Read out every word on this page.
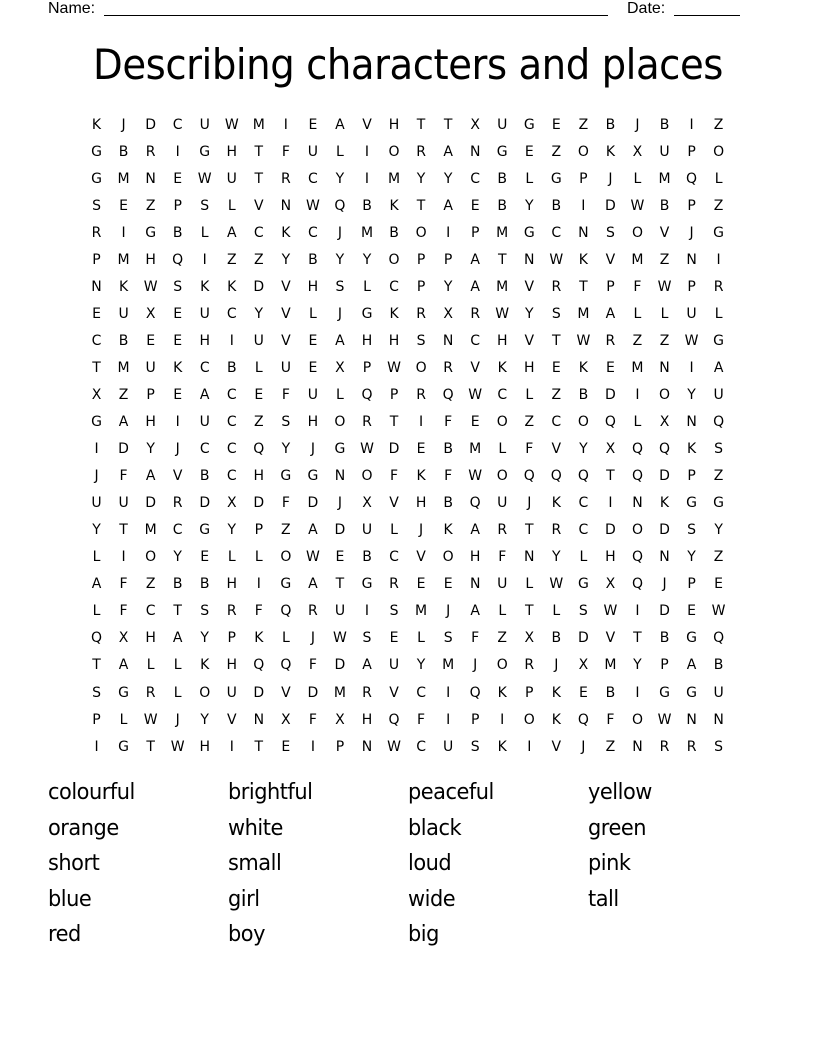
Name:	Date:
Describing characters and places
K	J	D	C	U	W	M	I	E	A	V	H	T	T	X	U	G	E	Z	B	J	B	I	Z
G	B	R	I	G	H	T	F	U	L	I	O	R	A	N	G	E	Z	O	K	X	U	P	O
G	M	N	E	W	U	T	R	C	Y	I	M	Y	Y	C	B	L	G	P	J	L	M	Q	L
S	E	Z	P	S	L	V	N	W	Q	B	K	T	A	E	B	Y	B	I	D	W	B	P	Z
R	I	G	B	L	A	C	K	C	J	M	B	O	I	P	M	G	C	N	S	O	V	J	G
P	M	H	Q	I	Z	Z	Y	B	Y	Y	O	P	P	A	T	N	W	K	V	M	Z	N	I
N	K	W	S	K	K	D	V	H	S	L	C	P	Y	A	M	V	R	T	P	F	W	P	R
E	U	X	E	U	C	Y	V	L	J	G	K	R	X	R	W	Y	S	M	A	L	L	U	L
C	B	E	E	H	I	U	V	E	A	H	H	S	N	C	H	V	T	W	R	Z	Z	W	G
T	M	U	K	C	B	L	U	E	X	P	W	O	R	V	K	H	E	K	E	M	N	I	A
X	Z	P	E	A	C	E	F	U	L	Q	P	R	Q	W	C	L	Z	B	D	I	O	Y	U
G	A	H	I	U	C	Z	S	H	O	R	T	I	F	E	O	Z	C	O	Q	L	X	N	Q
I	D	Y	J	C	C	Q	Y	J	G	W	D	E	B	M	L	F	V	Y	X	Q	Q	K	S
J	F	A	V	B	C	H	G	G	N	O	F	K	F	W	O	Q	Q	Q	T	Q	D	P	Z
U	U	D	R	D	X	D	F	D	J	X	V	H	B	Q	U	J	K	C	I	N	K	G	G
Y	T	M	C	G	Y	P	Z	A	D	U	L	J	K	A	R	T	R	C	D	O	D	S	Y
L	I	O	Y	E	L	L	O	W	E	B	C	V	O	H	F	N	Y	L	H	Q	N	Y	Z
A	F	Z	B	B	H	I	G	A	T	G	R	E	E	N	U	L	W	G	X	Q	J	P	E
L	F	C	T	S	R	F	Q	R	U	I	S	M	J	A	L	T	L	S	W	I	D	E	W
Q	X	H	A	Y	P	K	L	J	W	S	E	L	S	F	Z	X	B	D	V	T	B	G	Q
T	A	L	L	K	H	Q	Q	F	D	A	U	Y	M	J	O	R	J	X	M	Y	P	A	B
S	G	R	L	O	U	D	V	D	M	R	V	C	I	Q	K	P	K	E	B	I	G	G	U
P	L	W	J	Y	V	N	X	F	X	H	Q	F	I	P	I	O	K	Q	F	O	W	N	N
I	G	T	W	H	I	T	E	I	P	N	W	C	U	S	K	I	V	J	Z	N	R	R	S
colourful	brightful	peaceful	yellow
orange	white	black	green
short	small	loud	pink
blue	girl	wide	tall
red	boy	big
